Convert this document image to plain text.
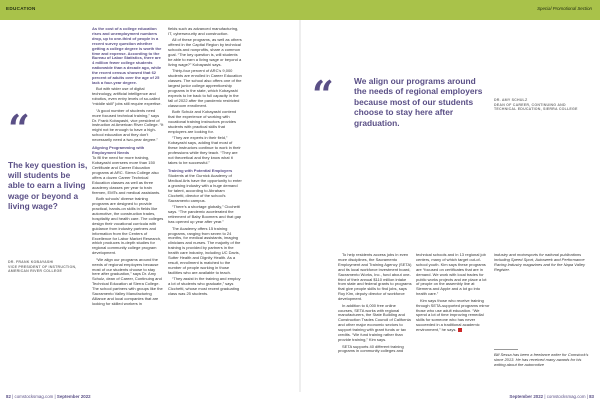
EDUCATION	Special Promotional Section
“
The key question is, will students be able to earn a living wage or beyond a living wage?
DR. FRANK KOBAYASHI
VICE PRESIDENT OF INSTRUCTION, AMERICAN RIVER COLLEGE

As the cost of a college education rises and unemployment numbers drop, up to one-third of people in a recent survey question whether getting a college degree is worth the time and expense. According to the Bureau of Labor Statistics, there are 4 million fewer college students nationwide than a decade ago, while the recent census showed that 62 percent of adults over the age of 25 lack a four-year degree.

But with wider use of digital technology, artificial intelligence and robotics, even entry levels of so-called “middle skill” jobs still require expertise.

“A good number of students need more focused technical training,” says Dr. Frank Kobayashi, vice president of instruction at American River College. “It might not be enough to have a high-school education and they don’t necessarily need a two-year degree.”

Aligning Programming with Employment Needs

To fill the need for more training, Kobayashi oversees more than 150 Certificate and Career Education programs at ARC. Sierra College also offers a dozen Career Technical Education classes as well as three academy classes per year to train firemen, EMTs and medical assistants.

Both schools’ diverse training programs are designed to provide practical, hands-on skills in fields like automotive, the construction trades, hospitality and health care. The colleges design their vocational curricula with guidance from industry partners and information from the Centers of Excellence for Labor Market Research, which produces in-depth studies for regional community college program development.

“We align our programs around the needs of regional employers because most of our students choose to stay here after graduation,” says Dr. Amy Schulz, dean of Career, Continuing and Technical Education at Sierra College. The school partners with groups like the Sacramento Valley Manufacturing Alliance and local companies that are looking for skilled workers in

fields such as advanced manufacturing, IT, cybersecurity and construction.

All of these programs, as well as others offered in the Capital Region by technical schools and nonprofits, share a common goal. “The key question is, will students be able to earn a living wage or beyond a living wage?” Kobayashi says.

Thirty-four percent of ARC’s 9,000 students are enrolled in Career Education classes. The school also offers one of the largest junior college apprenticeship programs in the state, which Kobayashi expects to be back to full capacity in the fall of 2022 after the pandemic restricted classroom enrollment.

Both Schulz and Kobayashi contend that the experience of working with vocational training instructors provides students with practical skills that employers are looking for.

“They are experts in their field,” Kobayashi says, adding that most of these instructors continue to work in their professions while they teach. “They are not theoretical and they know what it takes to be successful.”

Training with Potential Employers

Students at the Gurnick Academy of Medical Arts have the opportunity to enter a growing industry with a huge demand for talent, according to Abraham Cicchetti, director of the school’s Sacramento campus.

“There’s a shortage globally,” Cicchetti says. “The pandemic accelerated the retirement of Baby Boomers and that gap has opened up year after year.”

The Academy offers 15 training programs, ranging from seven to 24 months, for medical assistants, imaging clinicians and nurses. The majority of the training is provided by partners in the health care industry, including UC Davis, Sutter Health and Dignity Health. As a result, enrollment is matched to the number of people working in those facilities who are available to teach.

“They assist in the training and employ a lot of students who graduate,” says Cicchetti, whose most recent graduating class was 25 students.

“ We align our programs around the needs of regional employers because most of our students choose to stay here after graduation.
DR. AMY SCHULZ
DEAN OF CAREER, CONTINUING AND TECHNICAL EDUCATION, SIERRA COLLEGE

To help residents access jobs in even more disciplines, the Sacramento Employment and Training Agency (SETA) and its local workforce investment board, Sacramento Works, Inc., fund about one-third of their annual $110 million intake from state and federal grants to programs that give people skills to find jobs, says Roy Kim, deputy director of workforce development.

In addition to 6,000 free online courses, SETA works with regional manufacturers, the State Building and Construction Trades Council of California and other major economic sectors to support training with grant funds or tax credits. “We fund training rather than provide training,” Kim says.

SETA supports 40 different training programs in community colleges and

technical schools and in 13 regional job centers, many of which target out-of-school youth. Kim says these programs are “focused on certificates that are in demand. We work with local trades for public works projects and we place a lot of people on the assembly line at Siemens and Apple and a lot go into health care.”

Kim says those who receive training through SETA-supported programs mirror those who use adult education. “We spend a lot of time improving remedial skills for someone who has never succeeded in a traditional academic environment,” he says.

industry and motorsports for national publications including Speed Sport, Autoweek and Performance Racing Industry magazines and for the Napa Valley Register.

Bill Sessa has been a freelance writer for Comstock’s since 2013. He has received many awards for his writing about the automotive
82 | comstocksmag.com | September 2022	September 2022 | comstocksmag.com | 83
